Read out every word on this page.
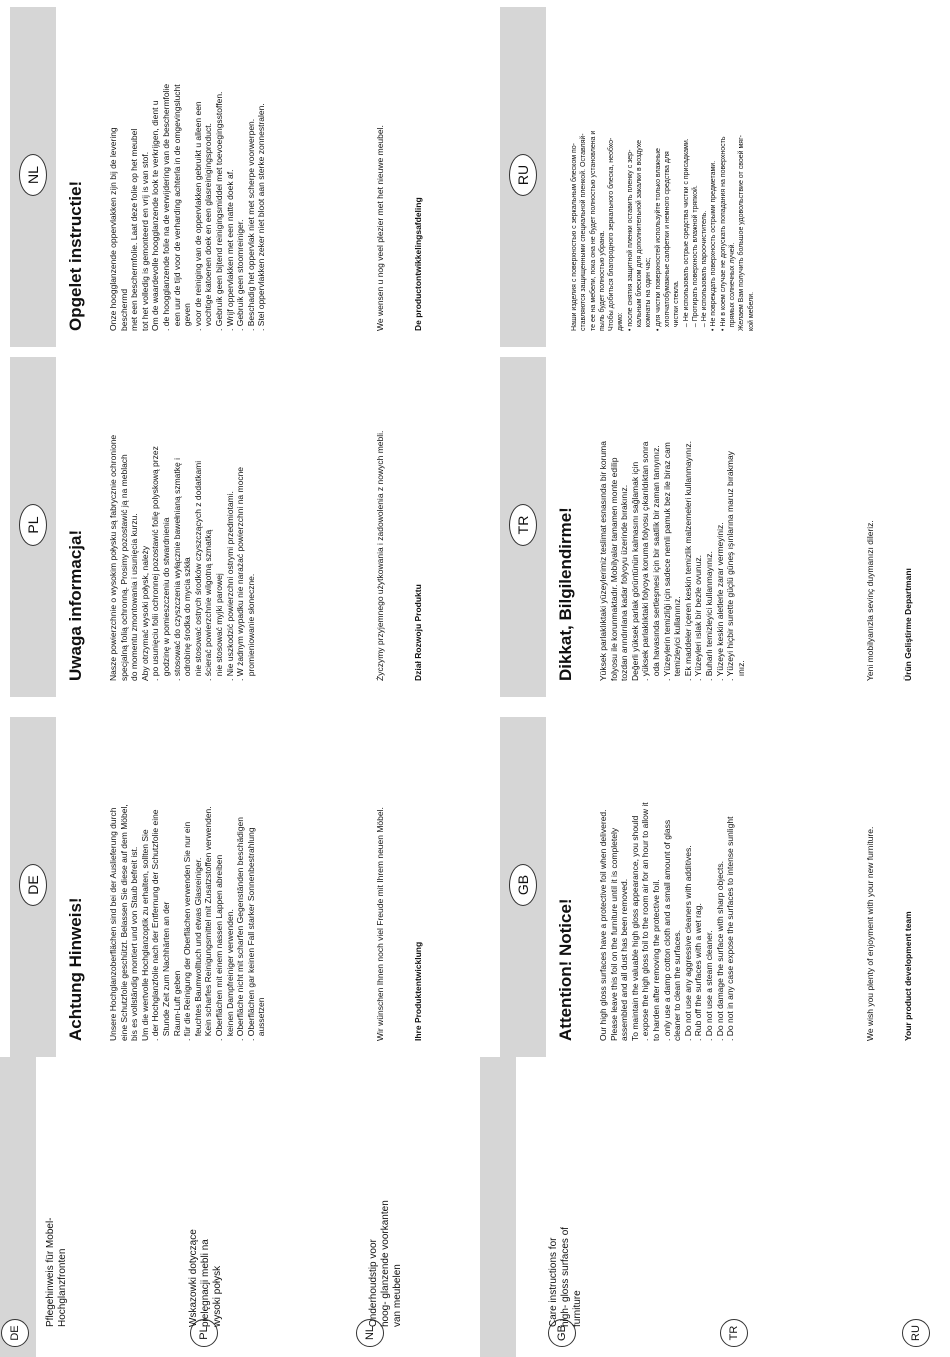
DE
Pflegehinweis für Mobel-
Hochglanzfronten
PL
Wskazowki dotyczące
pielęgnacji mebli na
wysoki połysk
NL
Onderhoudstip voor
hoog- glanzende voorkanten
van meubelen
GB
Care instructions for
high- gloss surfaces of
furniture
TR	RU
DE
Achtung Hinweis!	Unsere Hochglanzoberflächen sind bei der Auslieferung durch eine Schutzfolie geschützt. Belassen Sie diese auf dem Möbel, bis es vollständig montiert und von Staub befreit ist. Um die wertvolle Hochglanzoptik zu erhalten, sollten Sie . der Hochglanzfolie nach der Entfernung der Schutzfolie eine Stunde Zeit zum Nachhärten an der Raum-Luft geben . für die Reinigung der Oberflächen verwenden Sie nur ein feuchtes Baumwolltuch und etwas Glasreiniger. Kein scharfes Reinigungsmittel mit Zusatzstoffen verwenden. . Oberflächen mit einem nassen Lappen abreiben keinen Dampfreiniger verwenden. . Oberfläche nicht mit scharfen Gegenständen beschädigen . Oberflächen gar keinen Fall starker Sonnenbestrahlung aussetzen	Wir wünschen Ihnen noch viel Freude mit Ihrem neuen Möbel.	Ihre Produktentwicklung
PL
Uwaga informacja!	Nasze powierzchnie o wysokim połysku są fabrycznie ochronione specjalną folią ochronną. Prosimy pozostawić ją na meblach do momentu zmontowania i usunięcia kurzu. Aby otrzymać wysoki połysk, należy . po usunięciu folii ochronnej pozostawić folię polyskową przez godzinę w pomieszczeniu do stwardnienia . stosować do czyszczenia wyłącznie bawełnianą szmatkę i odrobinę środka do mycia szkła nie stosować ostrych środków czyszczących z dodatkami . ścierać powierzchnie wilgotną szmatką nie stosować myjki parowej . Nie uszkodzić powierzchni ostrymi przedmiotami. . W żadnym wypadku nie narażać powierzchni na mocne promieniowanie słoneczne.	Życzymy przyjemnego użytkowania i zadowolenia z nowych mebli.	Dział Rozwoju Produktu
NL
Opgelet instructie!	Onze hoogglanzende oppervlakken zijn bij de levering beschermd met een beschermfolie. Laat deze folie op het meubel tot het volledig is gemonteerd en vrij is van stof. Om de waardevolle hoogglanzende look te verkrijgen, dient u . de hoogglanzende folie na de verwijdering van de beschermfolie een uur de tijd voor de verharding achterla in de omgevingslucht geven . voor de reiniging van de oppervlakken gebruikt u alleen een vochtige katoenen doek en een glasreinigingsproduct. . Gebruik geen bijtend reinigingsmiddel met toevoegingsstoffen. . Wrijf oppervlakken met een natte doek af. . Gebruik geen stoomreiniger. . Beschadig het oppervlak niet met scherpe voorwerpen. . Stel oppervlakken zeker niet bloot aan sterke zonnestralen.	We wensen u nog veel plezier met het nieuwe meubel.	De productontwikkelingsafdeling
GB
Attention! Notice!	Our high gloss surfaces have a protective foil when delivered. Please leave this foil on the furniture until it is completely assembled and all dust has been removed. To maintain the valuable high gloss appearance, you should . expose the high gloss foil to the room air for an hour to allow it to harden after removing the protective foil. . only use a damp cotton cloth and a small amount of glass cleaner to clean the surfaces. . Do not use any aggressive cleaners with additives. . Rub off the surfaces with a wet rag. . Do not use a steam cleaner. . Do not damage the surface with sharp objects. . Do not in any case expose the surfaces to intense sunlight	We wish you plenty of enjoyment with your new furniture.	Your product development team
TR	Dikkat, Bilgilendirme!	Yüksek parlaklıktaki yüzeylerimiz teslimat esnasında bir koruma folyosu ile korunmaktadır. Mobilyalar tamamen monte edilip tozdan arındırılana kadar folyoyu üzerinde bırakınız. Değerli yüksek parlak görüntünün kalmasını sağlamak için . yüksek parlaklıktaki folyoya koruma folyosu çıkarıldıktan sonra oda havasında sertleşmesi için bir saatlik bir zaman tanıyınız. . Yüzeylerin temizliği için sadece nemli pamuk bez ile biraz cam temizleyici kullanınız. . Ek maddeler içeren keskin temizlik malzemeleri kullanmayınız. . Yüzeyleri ıslak bir bezle ovunuz. . Buharlı temizleyici kullanmayınız. . Yüzeye keskin aletlerle zarar vermeyiniz. . Yüzeyi hiçbir surette güçlü güneş ışınlarına maruz bırakmay ınız.	Yeni mobilyanızla sevinç duymanızı dileriz.	Ürün Geliştirme Departmanı
RU	Наши изделия с поверхностью с зеркальным блеском по- ставляются защищенными специальной пленкой. Оставляй- те ее на мебели, пока она не будет полностью установлена и пыль будет полностью убрана. Чтобы добиться благородного зеркального блеска, необхо- димо: • после снятия защитной пленки оставить пленку с зер- кальным блеском для дополнительной закалки в воздухе комнаты на один час; • для чистки поверхностей используйте только влажные хлопчатобумажные салфетки и немного средства для чистки стекла. – Не использовать острые средства чистки с присадками. – Протирать поверхность влажной тряпкой. – Не использовать пароочиститель. • Не повреждать поверхность острыми предметами. • Ни в коем случае не допускать попадания на поверхность прямых солнечных лучей. Желаем Вам получить большое удовольствие от своей мяг- кой мебели.
